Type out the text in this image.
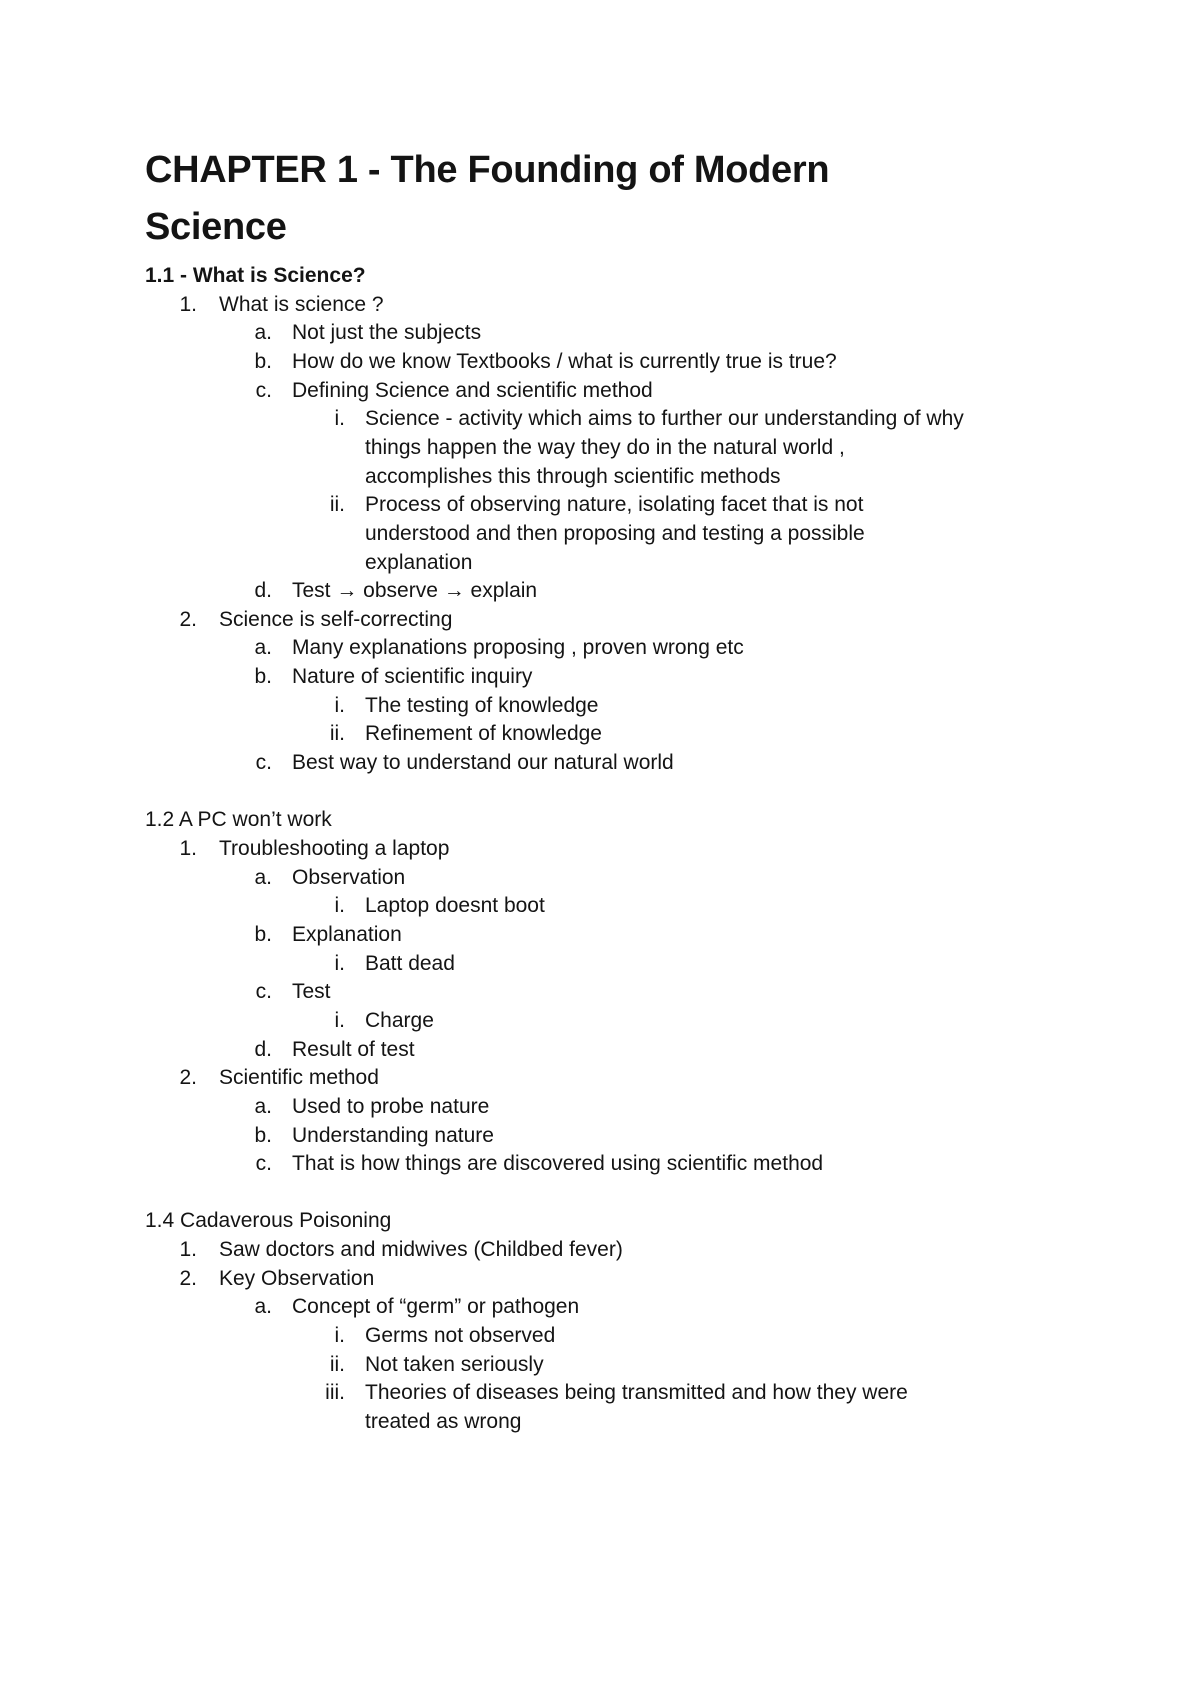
CHAPTER 1 - The Founding of Modern
Science
1.1 - What is Science?
1. What is science ?
a. Not just the subjects
b. How do we know Textbooks / what is currently true is true?
c. Defining Science and scientific method
i. Science - activity which aims to further our understanding of why
things happen the way they do in the natural world ,
accomplishes this through scientific methods
ii. Process of observing nature, isolating facet that is not
understood and then proposing and testing a possible
explanation
d. Test → observe → explain
2. Science is self-correcting
a. Many explanations proposing , proven wrong etc
b. Nature of scientific inquiry
i. The testing of knowledge
ii. Refinement of knowledge
c. Best way to understand our natural world
1.2 A PC won’t work
1. Troubleshooting a laptop
a. Observation
i. Laptop doesnt boot
b. Explanation
i. Batt dead
c. Test
i. Charge
d. Result of test
2. Scientific method
a. Used to probe nature
b. Understanding nature
c. That is how things are discovered using scientific method
1.4 Cadaverous Poisoning
1. Saw doctors and midwives (Childbed fever)
2. Key Observation
a. Concept of “germ” or pathogen
i. Germs not observed
ii. Not taken seriously
iii. Theories of diseases being transmitted and how they were
treated as wrong
